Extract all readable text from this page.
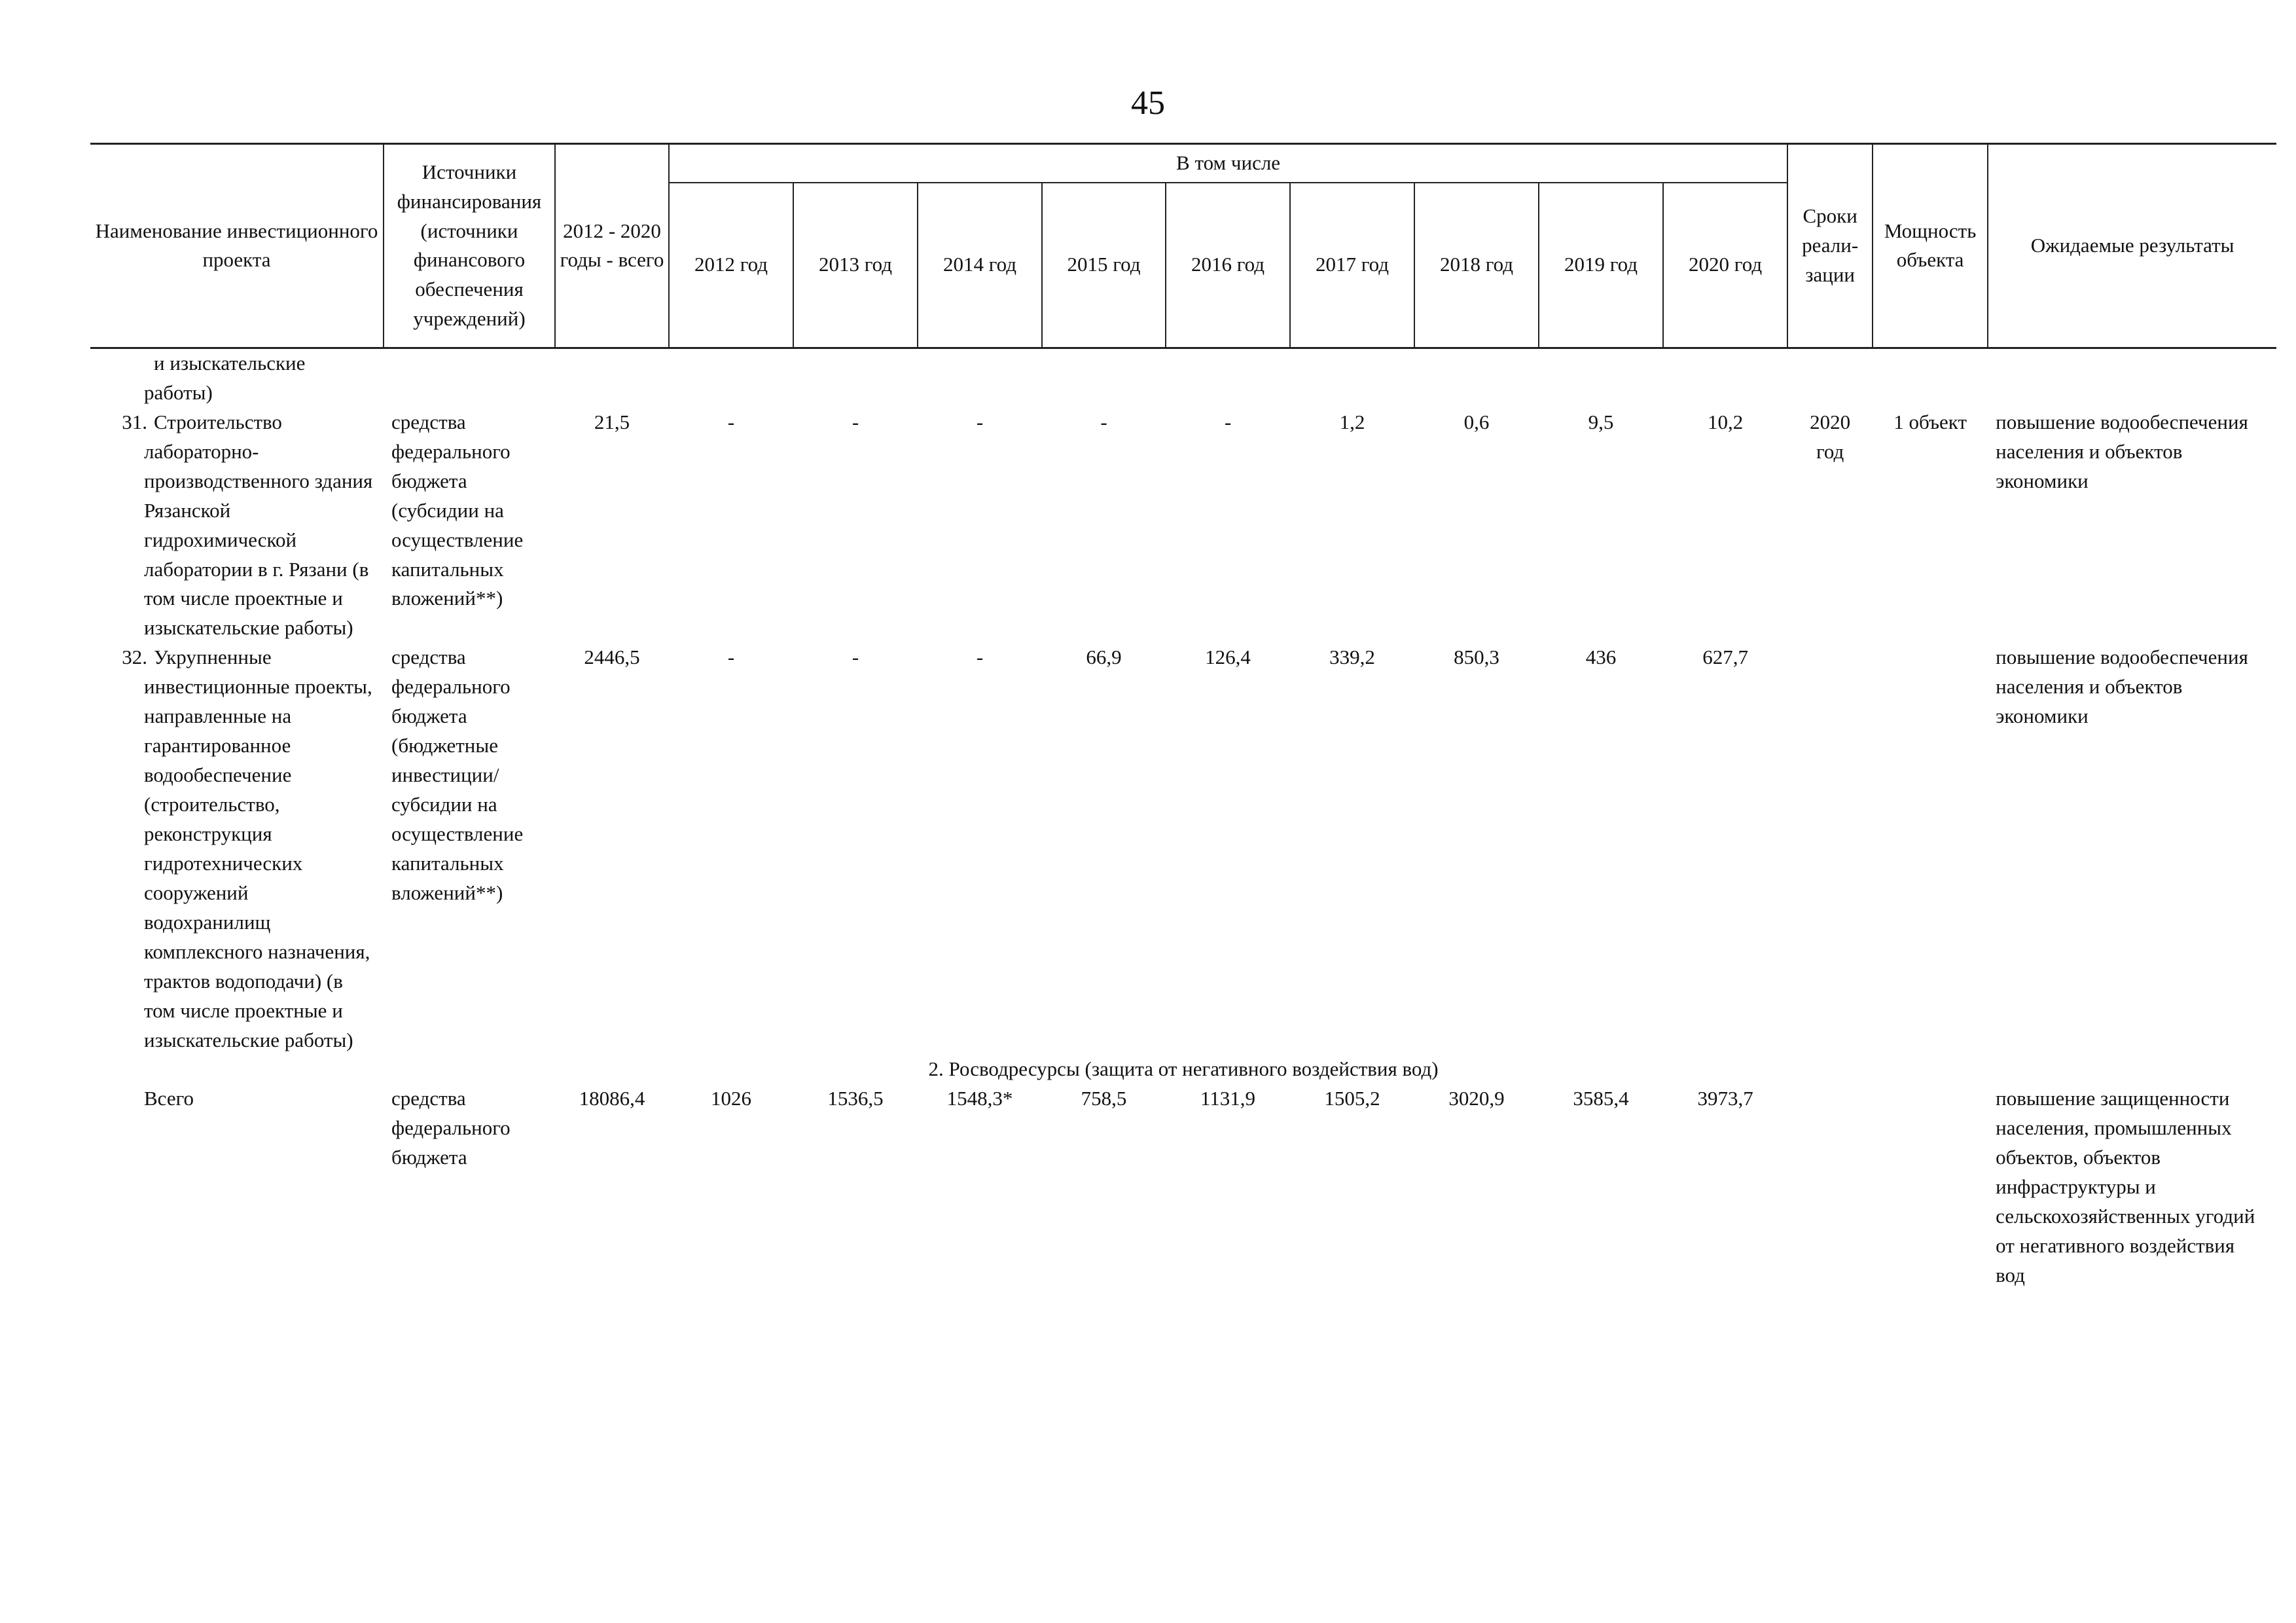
45
Наименование инвестиционного проекта	Источники финансирования (источники финансового обеспечения учреждений)	2012 - 2020 годы - всего	В том числе									Сроки реали-зации	Мощность объекта	Ожидаемые результаты
			2012 год	2013 год	2014 год	2015 год	2016 год	2017 год	2018 год	2019 год	2020 год			

и изыскательские работы)														

31. Строительство лабораторно-производственного здания Рязанской гидрохимической лаборатории в г. Рязани (в том числе проектные и изыскательские работы)	средства федерального бюджета (субсидии на осуществление капитальных вложений**)	21,5	-	-	-	-	-	1,2	0,6	9,5	10,2	2020 год	1 объект	повышение водообеспечения населения и объектов экономики

32. Укрупненные инвестиционные проекты, направленные на гарантированное водообеспечение (строительство, реконструкция гидротехнических сооружений водохранилищ комплексного назначения, трактов водоподачи) (в том числе проектные и изыскательские работы)	средства федерального бюджета (бюджетные инвестиции/ субсидии на осуществление капитальных вложений**)	2446,5	-	-	-	66,9	126,4	339,2	850,3	436	627,7			повышение водообеспечения населения и объектов экономики
2. Росводресурсы (защита от негативного воздействия вод)														

Всего	средства федерального бюджета	18086,4	1026	1536,5	1548,3*	758,5	1131,9	1505,2	3020,9	3585,4	3973,7			повышение защищенности населения, промышленных объектов, объектов инфраструктуры и сельскохозяйственных угодий от негативного воздействия вод
